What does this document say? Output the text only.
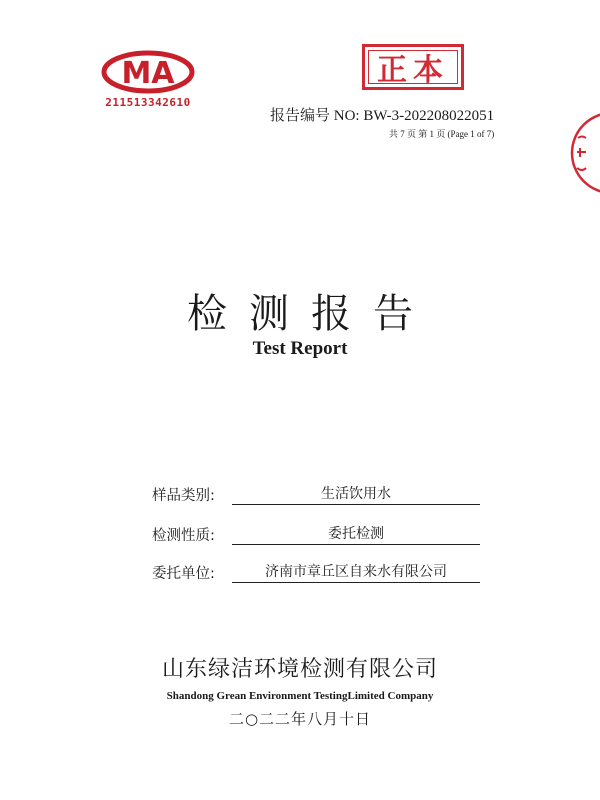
MA
211513342610
正本
报告编号 NO: BW-3-202208022051
共 7 页 第 1 页 (Page 1 of 7)
检测报告
Test Report
样品类别:	生活饮用水
检测性质:	委托检测
委托单位:	济南市章丘区自来水有限公司
山东绿洁环境检测有限公司
Shandong Grean Environment TestingLimited Company
二○二二年八月十日
